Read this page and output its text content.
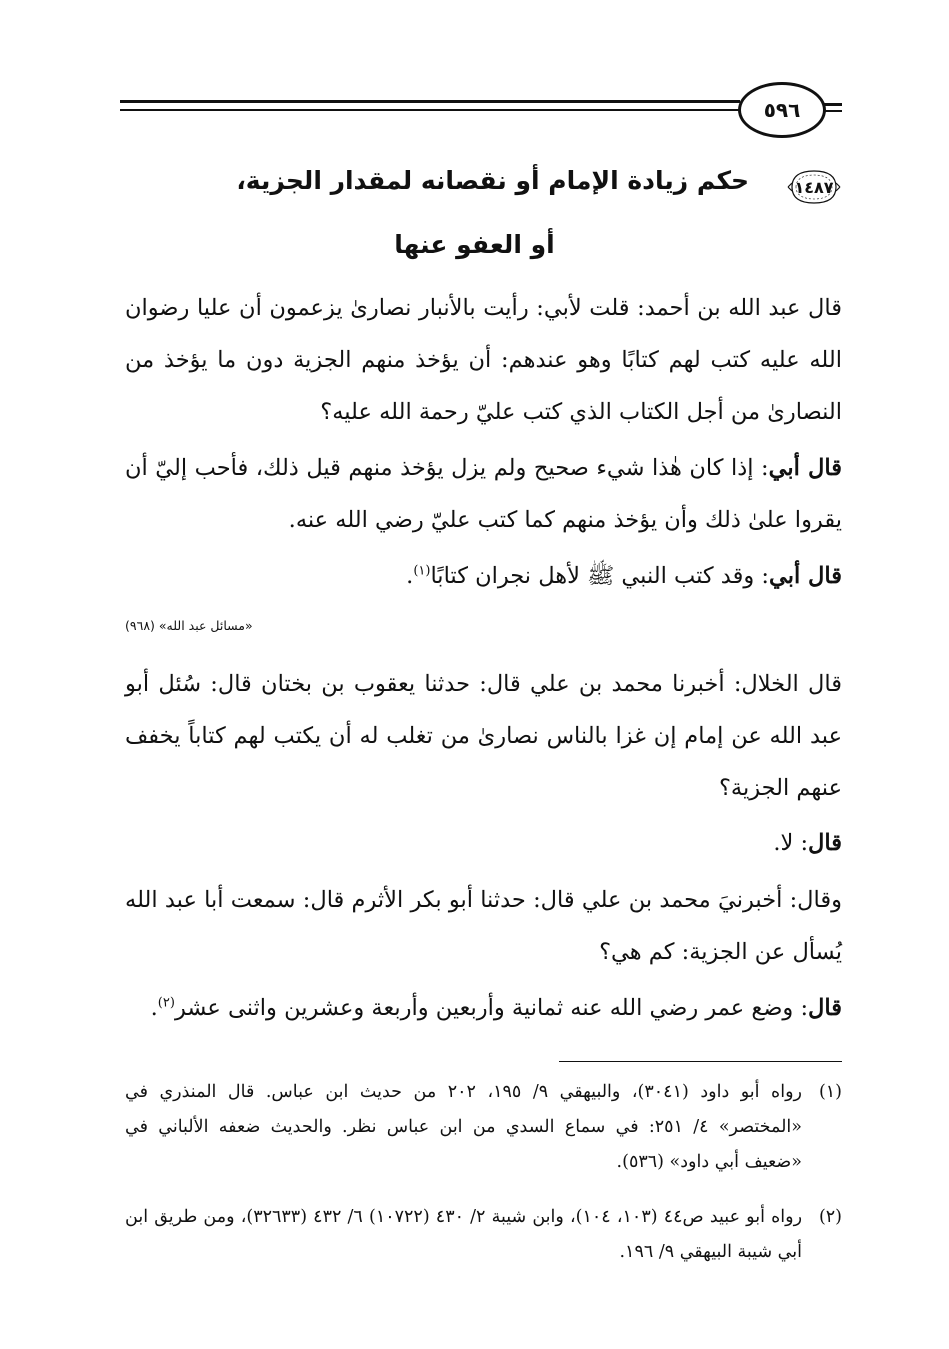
٥٩٦
١٤٨٧
حكم زيادة الإمام أو نقصانه لمقدار الجزية،
أو العفو عنها
قال عبد الله بن أحمد: قلت لأبي: رأيت بالأنبار نصارىٰ يزعمون أن عليا رضوان الله عليه كتب لهم كتابًا وهو عندهم: أن يؤخذ منهم الجزية دون ما يؤخذ من النصارىٰ من أجل الكتاب الذي كتب عليّ رحمة الله عليه؟
قال أبي: إذا كان هٰذا شيء صحيح ولم يزل يؤخذ منهم قيل ذلك، فأحب إليّ أن يقروا علىٰ ذلك وأن يؤخذ منهم كما كتب عليّ رضي الله عنه.
قال أبي: وقد كتب النبي ﷺ لأهل نجران كتابًا$^{(١)}$.
«مسائل عبد الله» (٩٦٨)
قال الخلال: أخبرنا محمد بن علي قال: حدثنا يعقوب بن بختان قال: سُئل أبو عبد الله عن إمام إن غزا بالناس نصارىٰ من تغلب له أن يكتب لهم كتاباً يخفف عنهم الجزية؟
قال: لا.
وقال: أخبرنيَ محمد بن علي قال: حدثنا أبو بكر الأثرم قال: سمعت أبا عبد الله يُسأل عن الجزية: كم هي؟
قال: وضع عمر رضي الله عنه ثمانية وأربعين وأربعة وعشرين واثنى عشر$^{(٢)}$.
(١)
رواه أبو داود (٣٠٤١)، والبيهقي ٩/ ١٩٥، ٢٠٢ من حديث ابن عباس. قال المنذري في «المختصر» ٤/ ٢٥١: في سماع السدي من ابن عباس نظر. والحديث ضعفه الألباني في «ضعيف أبي داود» (٥٣٦).
(٢)
رواه أبو عبيد ص٤٤ (١٠٣، ١٠٤)، وابن شيبة ٢/ ٤٣٠ (١٠٧٢٢) ٦/ ٤٣٢ (٣٢٦٣٣)، ومن طريق ابن أبي شيبة البيهقي ٩/ ١٩٦.
